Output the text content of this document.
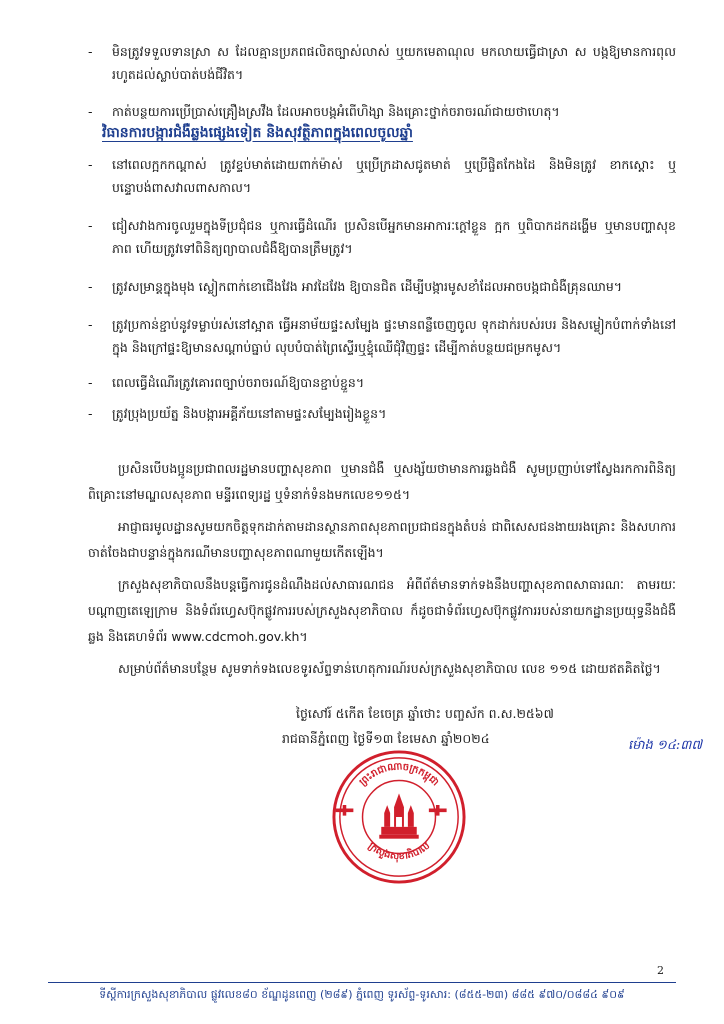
- មិនត្រូវទទួលទានស្រា ស ដែលគ្មានប្រភពផលិតច្បាស់លាស់ ឬយកមេតាណុល មកលាយធ្វើជាស្រា ស បង្កឱ្យមានការពុលរហូតដល់ស្លាប់បាត់បង់ជីវិត។
- កាត់បន្ថយការប្រើប្រាស់គ្រឿងស្រវឹង ដែលអាចបង្កអំពើហិង្សា និងគ្រោះថ្នាក់ចរាចរណ៍ជាយថាហេតុ។
វិធានការបង្ការជំងឺឆ្លងផ្សេងទៀត និងសុវត្ថិភាពក្នុងពេលចូលឆ្នាំ
- នៅពេលក្អកកណ្តាស់ ត្រូវខ្ទប់មាត់ដោយពាក់ម៉ាស់ ឬប្រើក្រដាសជូតមាត់ ឬប្រើផ្ចិតកែងដៃ និងមិនត្រូវ ខាកស្តោះ ឬបន្ទោបង់ពាសវាលពាសកាល។
- ជៀសវាងការចូលរួមក្នុងទីប្រជុំជន ឬការធ្វើដំណើរ ប្រសិនបើអ្នកមានអាការៈក្តៅខ្លួន ក្អក ឬពិបាកដកដង្ហើម ឬមានបញ្ហាសុខភាព ហើយត្រូវទៅពិនិត្យព្យាបាលជំងឺឱ្យបានត្រឹមត្រូវ។
- ត្រូវសម្រាន្តក្នុងមុង ស្លៀកពាក់ខោជើងវែង អាវដៃវែង ឱ្យបានជិត ដើម្បីបង្ការមូសខាំដែលអាចបង្កជាជំងឺគ្រុនឈាម។
- ត្រូវប្រកាន់ខ្ជាប់នូវទម្លាប់រស់នៅស្អាត ធ្វើអនាម័យផ្ទះសម្បែង ផ្ទះមានពន្លឺចេញចូល ទុកដាក់របស់របរ និងសម្លៀកបំពាក់ទាំងនៅក្នុង និងក្រៅផ្ទះឱ្យមានសណ្តាប់ធ្នាប់ លុបបំបាត់ព្រៃស្ទើរឬខ្ទុំឈើជុំវិញផ្ទះ ដើម្បីកាត់បន្ថយជម្រកមូស។
- ពេលធ្វើដំណើរត្រូវគោរពច្បាប់ចរាចរណ៍ឱ្យបានខ្ជាប់ខ្ជួន។
- ត្រូវប្រុងប្រយ័ត្ន និងបង្ការអគ្គីភ័យនៅតាមផ្ទះសម្បែងរៀងខ្លួន។
ប្រសិនបើបងប្អូនប្រជាពលរដ្ឋមានបញ្ហាសុខភាព ឬមានជំងឺ ឬសង្ស័យថាមានការឆ្លងជំងឺ សូមប្រញាប់ទៅស្វែងរកការពិនិត្យពិគ្រោះនៅមណ្ឌលសុខភាព មន្ទីរពេទ្យរដ្ឋ ឬទំនាក់ទំនងមកលេខ១១៥។
អាជ្ញាធរមូលដ្ឋានសូមយកចិត្តទុកដាក់តាមដានស្ថានភាពសុខភាពប្រជាជនក្នុងតំបន់ ជាពិសេសជនងាយរងគ្រោះ និងសហការចាត់ចែងជាបន្ទាន់ក្នុងករណីមានបញ្ហាសុខភាពណាមួយកើតឡើង។
ក្រសួងសុខាភិបាលនឹងបន្តធ្វើការជូនដំណឹងដល់សាធារណជន អំពីព័ត៌មានទាក់ទងនឹងបញ្ហាសុខភាពសាធារណៈ តាមរយៈបណ្តាញតេឡេក្រាម និងទំព័រហ្វេសប៊ុកផ្លូវការរបស់ក្រសួងសុខាភិបាល ក៏ដូចជាទំព័រហ្វេសប៊ុកផ្លូវការរបស់នាយកដ្ឋានប្រយុទ្ធនឹងជំងឺឆ្លង និងគេហទំព័រ www.cdcmoh.gov.kh។
សម្រាប់ព័ត៌មានបន្ថែម សូមទាក់ទងលេខទូរស័ព្ទទាន់ហេតុការណ៍របស់ក្រសួងសុខាភិបាល លេខ ១១៥ ដោយឥតគិតថ្លៃ។
ថ្ងៃសៅរ៍ ៥កើត ខែចេត្រ ឆ្នាំថោះ បញ្ចស័ក ព.ស.២៥៦៧
រាជធានីភ្នំពេញ ថ្ងៃទី១៣ ខែមេសា ឆ្នាំ២០២៤	ម៉ោង ១៤:៣៧
ព្រះរាជាណាចក្រកម្ពុជា
ក្រសួងសុខាភិបាល
2
ទីស្តីការក្រសួងសុខាភិបាល ផ្លូវលេខ៨០ ខ័ណ្ឌដូនពេញ (២៨៩) ភ្នំពេញ ទូរស័ព្ទ-ទូរសារ: (៨៥៥-២៣) ៨៨៥ ៩៧០/០៨៨៤ ៩០៩
